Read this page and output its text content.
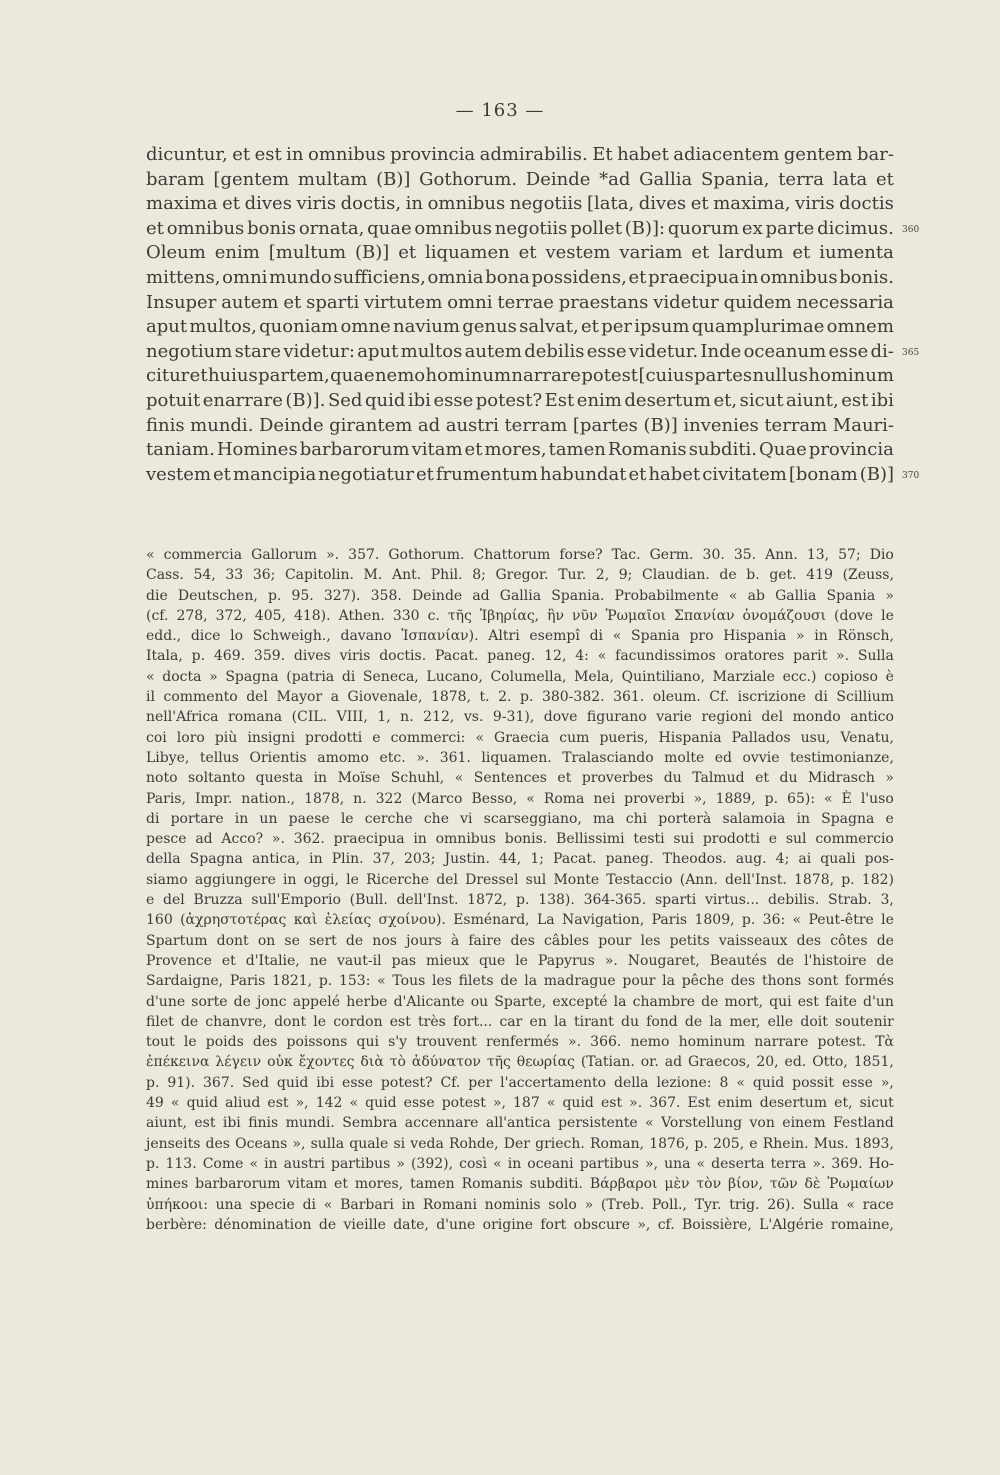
— 163 —
dicuntur, et est in omnibus provincia admirabilis. Et habet adiacentem gentem bar-
baram [gentem multam (B)] Gothorum. Deinde *ad Gallia Spania, terra lata et
maxima et dives viris doctis, in omnibus negotiis [lata, dives et maxima, viris doctis
et omnibus bonis ornata, quae omnibus negotiis pollet (B)]: quorum ex parte dicimus.
Oleum enim [multum (B)] et liquamen et vestem variam et lardum et iumenta
mittens, omni mundo sufficiens, omnia bona possidens, et praecipua in omnibus bonis.
Insuper autem et sparti virtutem omni terrae praestans videtur quidem necessaria
aput multos, quoniam omne navium genus salvat, et per ipsum quamplurimae omnem
negotium stare videtur: aput multos autem debilis esse videtur. Inde oceanum esse di-
citur et huius partem, quae nemo hominum narrare potest [cuius partes nullus hominum
potuit enarrare (B)]. Sed quid ibi esse potest? Est enim desertum et, sicut aiunt, est ibi
finis mundi. Deinde girantem ad austri terram [partes (B)] invenies terram Mauri-
taniam. Homines barbarorum vitam et mores, tamen Romanis subditi. Quae provincia
vestem et mancipia negotiatur et frumentum habundat et habet civitatem [bonam (B)]
360
365
370
« commercia Gallorum ». 357. Gothorum. Chattorum forse? Tac. Germ. 30. 35. Ann. 13, 57; Dio
Cass. 54, 33 36; Capitolin. M. Ant. Phil. 8; Gregor. Tur. 2, 9; Claudian. de b. get. 419 (Zeuss,
die Deutschen, p. 95. 327). 358. Deinde ad Gallia Spania. Probabilmente « ab Gallia Spania »
(cf. 278, 372, 405, 418). Athen. 330 c. τῆς Ἰβηρίας, ἣν νῦν Ῥωμαῖοι Σπανίαν ὀνομάζουσι (dove le
edd., dice lo Schweigh., davano Ἰσπανίαν). Altri esempî di « Spania pro Hispania » in Rönsch,
Itala, p. 469. 359. dives viris doctis. Pacat. paneg. 12, 4: « facundissimos oratores parit ». Sulla
« docta » Spagna (patria di Seneca, Lucano, Columella, Mela, Quintiliano, Marziale ecc.) copioso è
il commento del Mayor a Giovenale, 1878, t. 2. p. 380-382. 361. oleum. Cf. iscrizione di Scillium
nell'Africa romana (CIL. VIII, 1, n. 212, vs. 9-31), dove figurano varie regioni del mondo antico
coi loro più insigni prodotti e commerci: « Graecia cum pueris, Hispania Pallados usu, Venatu,
Libye, tellus Orientis amomo etc. ». 361. liquamen. Tralasciando molte ed ovvie testimonianze,
noto soltanto questa in Moïse Schuhl, « Sentences et proverbes du Talmud et du Midrasch »
Paris, Impr. nation., 1878, n. 322 (Marco Besso, « Roma nei proverbi », 1889, p. 65): « È l'uso
di portare in un paese le cerche che vi scarseggiano, ma chi porterà salamoia in Spagna e
pesce ad Acco? ». 362. praecipua in omnibus bonis. Bellissimi testi sui prodotti e sul commercio
della Spagna antica, in Plin. 37, 203; Justin. 44, 1; Pacat. paneg. Theodos. aug. 4; ai quali pos-
siamo aggiungere in oggi, le Ricerche del Dressel sul Monte Testaccio (Ann. dell'Inst. 1878, p. 182)
e del Bruzza sull'Emporio (Bull. dell'Inst. 1872, p. 138). 364-365. sparti virtus... debilis. Strab. 3,
160 (ἀχρηστοτέρας καὶ ἑλείας σχοίνου). Esménard, La Navigation, Paris 1809, p. 36: « Peut-être le
Spartum dont on se sert de nos jours à faire des câbles pour les petits vaisseaux des côtes de
Provence et d'Italie, ne vaut-il pas mieux que le Papyrus ». Nougaret, Beautés de l'histoire de
Sardaigne, Paris 1821, p. 153: « Tous les filets de la madrague pour la pêche des thons sont formés
d'une sorte de jonc appelé herbe d'Alicante ou Sparte, excepté la chambre de mort, qui est faite d'un
filet de chanvre, dont le cordon est très fort... car en la tirant du fond de la mer, elle doit soutenir
tout le poids des poissons qui s'y trouvent renfermés ». 366. nemo hominum narrare potest. Τὰ
ἐπέκεινα λέγειν οὐκ ἔχοντες διὰ τὸ ἀδύνατον τῆς θεωρίας (Tatian. or. ad Graecos, 20, ed. Otto, 1851,
p. 91). 367. Sed quid ibi esse potest? Cf. per l'accertamento della lezione: 8 « quid possit esse »,
49 « quid aliud est », 142 « quid esse potest », 187 « quid est ». 367. Est enim desertum et, sicut
aiunt, est ibi finis mundi. Sembra accennare all'antica persistente « Vorstellung von einem Festland
jenseits des Oceans », sulla quale si veda Rohde, Der griech. Roman, 1876, p. 205, e Rhein. Mus. 1893,
p. 113. Come « in austri partibus » (392), così « in oceani partibus », una « deserta terra ». 369. Ho-
mines barbarorum vitam et mores, tamen Romanis subditi. Βάρβαροι μὲν τὸν βίον, τῶν δὲ Ῥωμαίων
ὑπήκοοι: una specie di « Barbari in Romani nominis solo » (Treb. Poll., Tyr. trig. 26). Sulla « race
berbère: dénomination de vieille date, d'une origine fort obscure », cf. Boissière, L'Algérie romaine,
